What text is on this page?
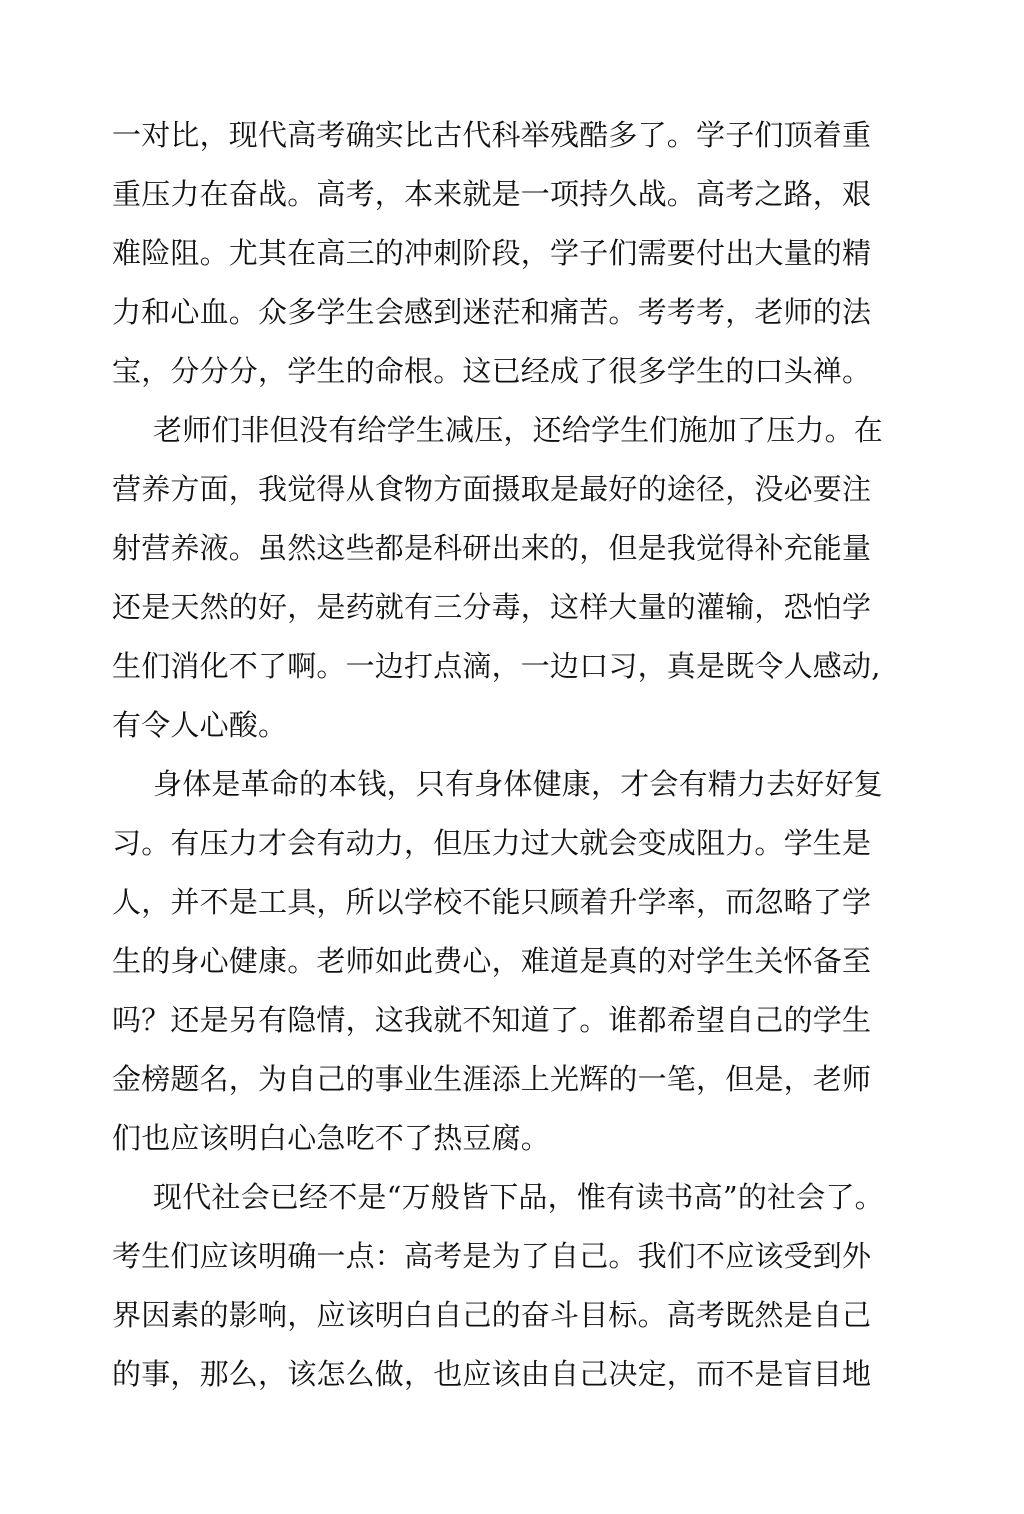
一对比，现代高考确实比古代科举残酷多了。学子们顶着重
重压力在奋战。高考，本来就是一项持久战。高考之路，艰
难险阻。尤其在高三的冲刺阶段，学子们需要付出大量的精
力和心血。众多学生会感到迷茫和痛苦。考考考，老师的法
宝，分分分，学生的命根。这已经成了很多学生的口头禅。
老师们非但没有给学生减压，还给学生们施加了压力。在
营养方面，我觉得从食物方面摄取是最好的途径，没必要注
射营养液。虽然这些都是科研出来的，但是我觉得补充能量
还是天然的好，是药就有三分毒，这样大量的灌输，恐怕学
生们消化不了啊。一边打点滴，一边口习，真是既令人感动,
有令人心酸。
身体是革命的本钱，只有身体健康，才会有精力去好好复
习。有压力才会有动力，但压力过大就会变成阻力。学生是
人，并不是工具，所以学校不能只顾着升学率，而忽略了学
生的身心健康。老师如此费心，难道是真的对学生关怀备至
吗？还是另有隐情，这我就不知道了。谁都希望自己的学生
金榜题名，为自己的事业生涯添上光辉的一笔，但是，老师
们也应该明白心急吃不了热豆腐。
现代社会已经不是“万般皆下品，惟有读书高”的社会了。
考生们应该明确一点：高考是为了自己。我们不应该受到外
界因素的影响，应该明白自己的奋斗目标。高考既然是自己
的事，那么，该怎么做，也应该由自己决定，而不是盲目地
